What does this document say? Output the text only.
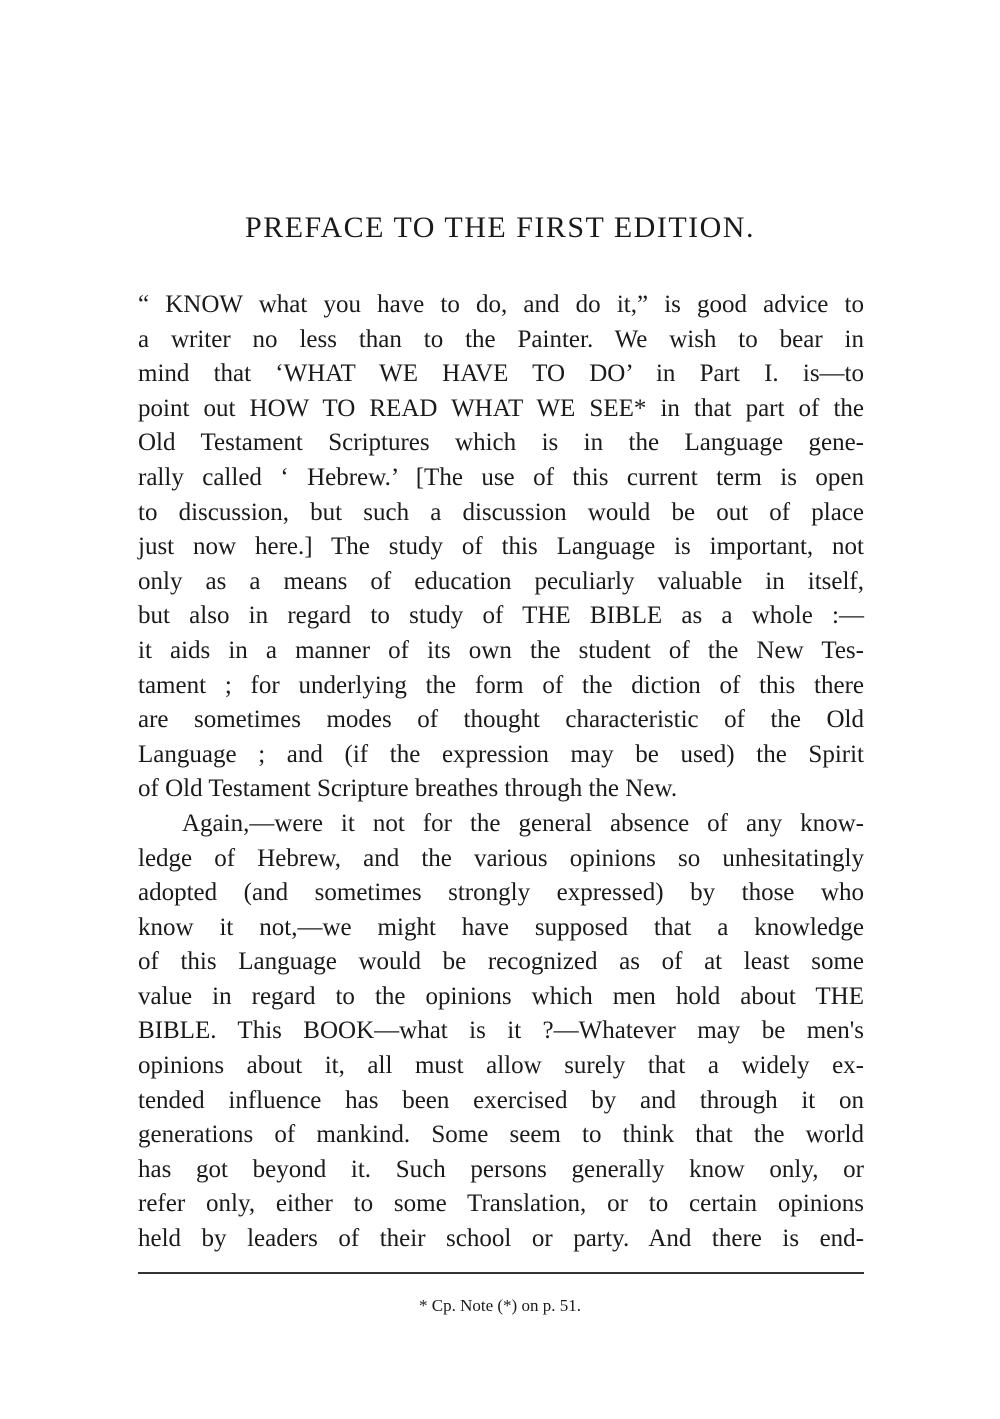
PREFACE TO THE FIRST EDITION.
“ KNOW what you have to do, and do it,” is good advice to
a writer no less than to the Painter. We wish to bear in
mind that ‘WHAT WE HAVE TO DO’ in Part I. is—to
point out HOW TO READ WHAT WE SEE* in that part of the
Old Testament Scriptures which is in the Language gene-
rally called ‘ Hebrew.’ [The use of this current term is open
to discussion, but such a discussion would be out of place
just now here.] The study of this Language is important, not
only as a means of education peculiarly valuable in itself,
but also in regard to study of THE BIBLE as a whole :—
it aids in a manner of its own the student of the New Tes-
tament ; for underlying the form of the diction of this there
are sometimes modes of thought characteristic of the Old
Language ; and (if the expression may be used) the Spirit
of Old Testament Scripture breathes through the New.
Again,—were it not for the general absence of any know-
ledge of Hebrew, and the various opinions so unhesitatingly
adopted (and sometimes strongly expressed) by those who
know it not,—we might have supposed that a knowledge
of this Language would be recognized as of at least some
value in regard to the opinions which men hold about THE
BIBLE. This BOOK—what is it ?—Whatever may be men's
opinions about it, all must allow surely that a widely ex-
tended influence has been exercised by and through it on
generations of mankind. Some seem to think that the world
has got beyond it. Such persons generally know only, or
refer only, either to some Translation, or to certain opinions
held by leaders of their school or party. And there is end-
* Cp. Note (*) on p. 51.
